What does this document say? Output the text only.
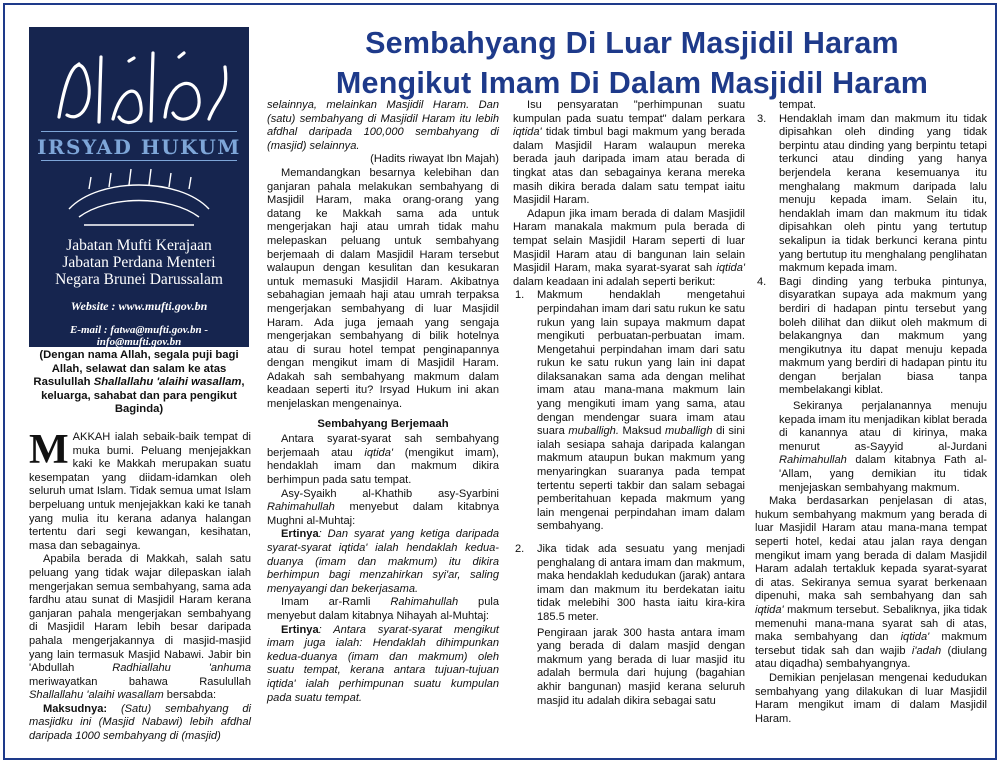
Sembahyang Di Luar Masjidil Haram
Mengikut Imam Di Dalam Masjidil Haram
IRSYAD HUKUM
Jabatan Mufti Kerajaan
Jabatan Perdana Menteri
Negara Brunei Darussalam
Website : www.mufti.gov.bn
E-mail : fatwa@mufti.gov.bn - info@mufti.gov.bn
(Dengan nama Allah, segala puji bagi Allah, selawat dan salam ke atas Rasulullah Shallallahu 'alaihi wasallam, keluarga, sahabat dan para pengikut Baginda)

MAKKAH ialah sebaik-baik tempat di muka bumi. Peluang menjejakkan kaki ke Makkah merupakan suatu kesempatan yang diidam-idamkan oleh seluruh umat Islam. Tidak semua umat Islam berpeluang untuk menjejakkan kaki ke tanah yang mulia itu kerana adanya halangan tertentu dari segi kewangan, kesihatan, masa dan sebagainya.

Apabila berada di Makkah, salah satu peluang yang tidak wajar dilepaskan ialah mengerjakan semua sembahyang, sama ada fardhu atau sunat di Masjidil Haram kerana ganjaran pahala mengerjakan sembahyang di Masjidil Haram lebih besar daripada pahala mengerjakannya di masjid-masjid yang lain termasuk Masjid Nabawi. Jabir bin 'Abdullah Radhiallahu 'anhuma meriwayatkan bahawa Rasulullah Shallallahu 'alaihi wasallam bersabda:

Maksudnya: (Satu) sembahyang di masjidku ini (Masjid Nabawi) lebih afdhal daripada 1000 sembahyang di (masjid)

selainnya, melainkan Masjidil Haram. Dan (satu) sembahyang di Masjidil Haram itu lebih afdhal daripada 100,000 sembahyang di (masjid) selainnya.

(Hadits riwayat Ibn Majah)

Memandangkan besarnya kelebihan dan ganjaran pahala melakukan sembahyang di Masjidil Haram, maka orang-orang yang datang ke Makkah sama ada untuk mengerjakan haji atau umrah tidak mahu melepaskan peluang untuk sembahyang berjemaah di dalam Masjidil Haram tersebut walaupun dengan kesulitan dan kesukaran untuk memasuki Masjidil Haram. Akibatnya sebahagian jemaah haji atau umrah terpaksa mengerjakan sembahyang di luar Masjidil Haram. Ada juga jemaah yang sengaja mengerjakan sembahyang di bilik hotelnya atau di surau hotel tempat penginapannya dengan mengikut imam di Masjidil Haram. Adakah sah sembahyang makmum dalam keadaan seperti itu? Irsyad Hukum ini akan menjelaskan mengenainya.

Sembahyang Berjemaah

Antara syarat-syarat sah sembahyang berjemaah atau iqtida' (mengikut imam), hendaklah imam dan makmum dikira berhimpun pada satu tempat.

Asy-Syaikh al-Khathib asy-Syarbini Rahimahullah menyebut dalam kitabnya Mughni al-Muhtaj:

Ertinya: Dan syarat yang ketiga daripada syarat-syarat iqtida' ialah hendaklah kedua-duanya (imam dan makmum) itu dikira berhimpun bagi menzahirkan syi'ar, saling menyayangi dan bekerjasama.

Imam ar-Ramli Rahimahullah pula menyebut dalam kitabnya Nihayah al-Muhtaj:

Ertinya: Antara syarat-syarat mengikut imam juga ialah: Hendaklah dihimpunkan kedua-duanya (imam dan makmum) oleh suatu tempat, kerana antara tujuan-tujuan iqtida' ialah perhimpunan suatu kumpulan pada suatu tempat.

Isu pensyaratan "perhimpunan suatu kumpulan pada suatu tempat" dalam perkara iqtida' tidak timbul bagi makmum yang berada dalam Masjidil Haram walaupun mereka berada jauh daripada imam atau berada di tingkat atas dan sebagainya kerana mereka masih dikira berada dalam satu tempat iaitu Masjidil Haram.

Adapun jika imam berada di dalam Masjidil Haram manakala makmum pula berada di tempat selain Masjidil Haram seperti di luar Masjidil Haram atau di bangunan lain selain Masjidil Haram, maka syarat-syarat sah iqtida' dalam keadaan ini adalah seperti berikut:

1. Makmum hendaklah mengetahui perpindahan imam dari satu rukun ke satu rukun yang lain supaya makmum dapat mengikuti perbuatan-perbuatan imam. Mengetahui perpindahan imam dari satu rukun ke satu rukun yang lain ini dapat dilaksanakan sama ada dengan melihat imam atau mana-mana makmum lain yang mengikuti imam yang sama, atau dengan mendengar suara imam atau suara muballigh. Maksud muballigh di sini ialah sesiapa sahaja daripada kalangan makmum ataupun bukan makmum yang menyaringkan suaranya pada tempat tertentu seperti takbir dan salam sebagai pemberitahuan kepada makmum yang lain mengenai perpindahan imam dalam sembahyang.

2. Jika tidak ada sesuatu yang menjadi penghalang di antara imam dan makmum, maka hendaklah kedudukan (jarak) antara imam dan makmum itu berdekatan iaitu tidak melebihi 300 hasta iaitu kira-kira 185.5 meter.

Pengiraan jarak 300 hasta antara imam yang berada di dalam masjid dengan makmum yang berada di luar masjid itu adalah bermula dari hujung (bagahian akhir bangunan) masjid kerana seluruh masjid itu adalah dikira sebagai satu

tempat.

3. Hendaklah imam dan makmum itu tidak dipisahkan oleh dinding yang tidak berpintu atau dinding yang berpintu tetapi terkunci atau dinding yang hanya berjendela kerana kesemuanya itu menghalang makmum daripada lalu menuju kepada imam. Selain itu, hendaklah imam dan makmum itu tidak dipisahkan oleh pintu yang tertutup sekalipun ia tidak berkunci kerana pintu yang bertutup itu menghalang penglihatan makmum kepada imam.

4. Bagi dinding yang terbuka pintunya, disyaratkan supaya ada makmum yang berdiri di hadapan pintu tersebut yang boleh dilihat dan diikut oleh makmum di belakangnya dan makmum yang mengikutnya itu dapat menuju kepada makmum yang berdiri di hadapan pintu itu dengan berjalan biasa tanpa membelakangi kiblat.

Sekiranya perjalanannya menuju kepada imam itu menjadikan kiblat berada di kanannya atau di kirinya, maka menurut as-Sayyid al-Jurdani Rahimahullah dalam kitabnya Fath al-'Allam, yang demikian itu tidak menjejaskan sembahyang makmum.

Maka berdasarkan penjelasan di atas, hukum sembahyang makmum yang berada di luar Masjidil Haram atau mana-mana tempat seperti hotel, kedai atau jalan raya dengan mengikut imam yang berada di dalam Masjidil Haram adalah tertakluk kepada syarat-syarat di atas. Sekiranya semua syarat berkenaan dipenuhi, maka sah sembahyang dan sah iqtida' makmum tersebut. Sebaliknya, jika tidak memenuhi mana-mana syarat sah di atas, maka sembahyang dan iqtida' makmum tersebut tidak sah dan wajib i'adah (diulang atau diqadha) sembahyangnya.

Demikian penjelasan mengenai kedudukan sembahyang yang dilakukan di luar Masjidil Haram mengikut imam di dalam Masjidil Haram.
